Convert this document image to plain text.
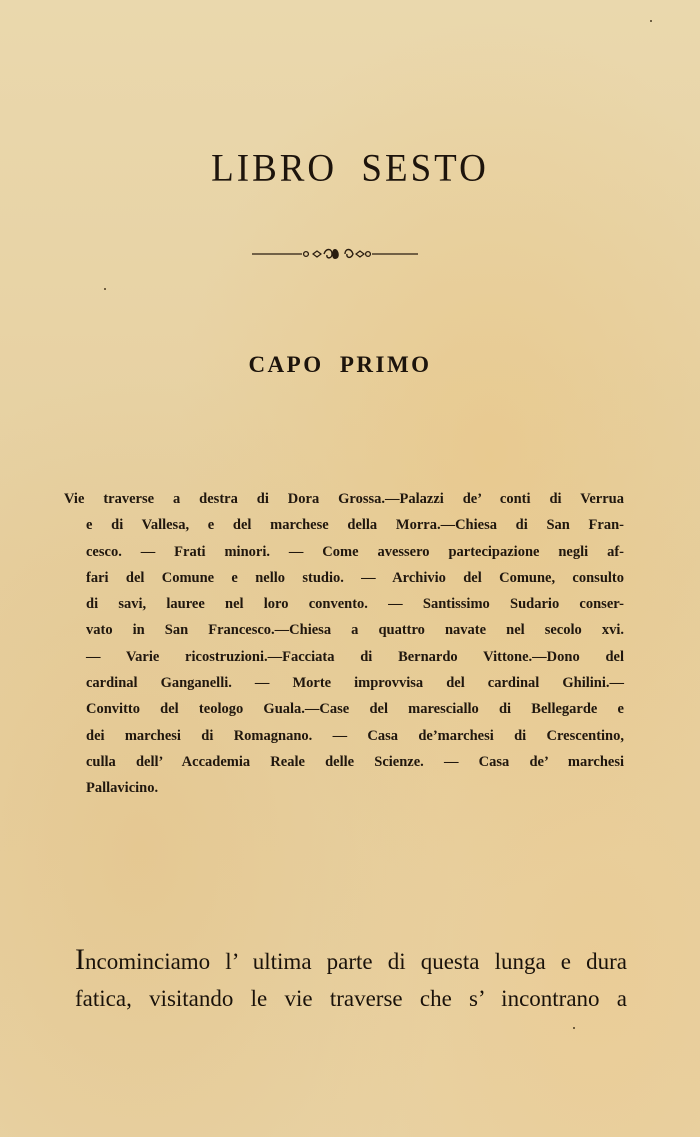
LIBRO SESTO
CAPO PRIMO
Vie traverse a destra di Dora Grossa.—Palazzi de’ conti di Verrua
e di Vallesa, e del marchese della Morra.—Chiesa di San Fran-
cesco. — Frati minori. — Come avessero partecipazione negli af-
fari del Comune e nello studio. — Archivio del Comune, consulto
di savi, lauree nel loro convento. — Santissimo Sudario conser-
vato in San Francesco.—Chiesa a quattro navate nel secolo xvi.
— Varie ricostruzioni.—Facciata di Bernardo Vittone.—Dono del
cardinal Ganganelli. — Morte improvvisa del cardinal Ghilini.—
Convitto del teologo Guala.—Case del maresciallo di Bellegarde e
dei marchesi di Romagnano. — Casa de’marchesi di Crescentino,
culla dell’ Accademia Reale delle Scienze. — Casa de’ marchesi
Pallavicino.
Incominciamo l’ ultima parte di questa lunga e dura
fatica, visitando le vie traverse che s’ incontrano a
